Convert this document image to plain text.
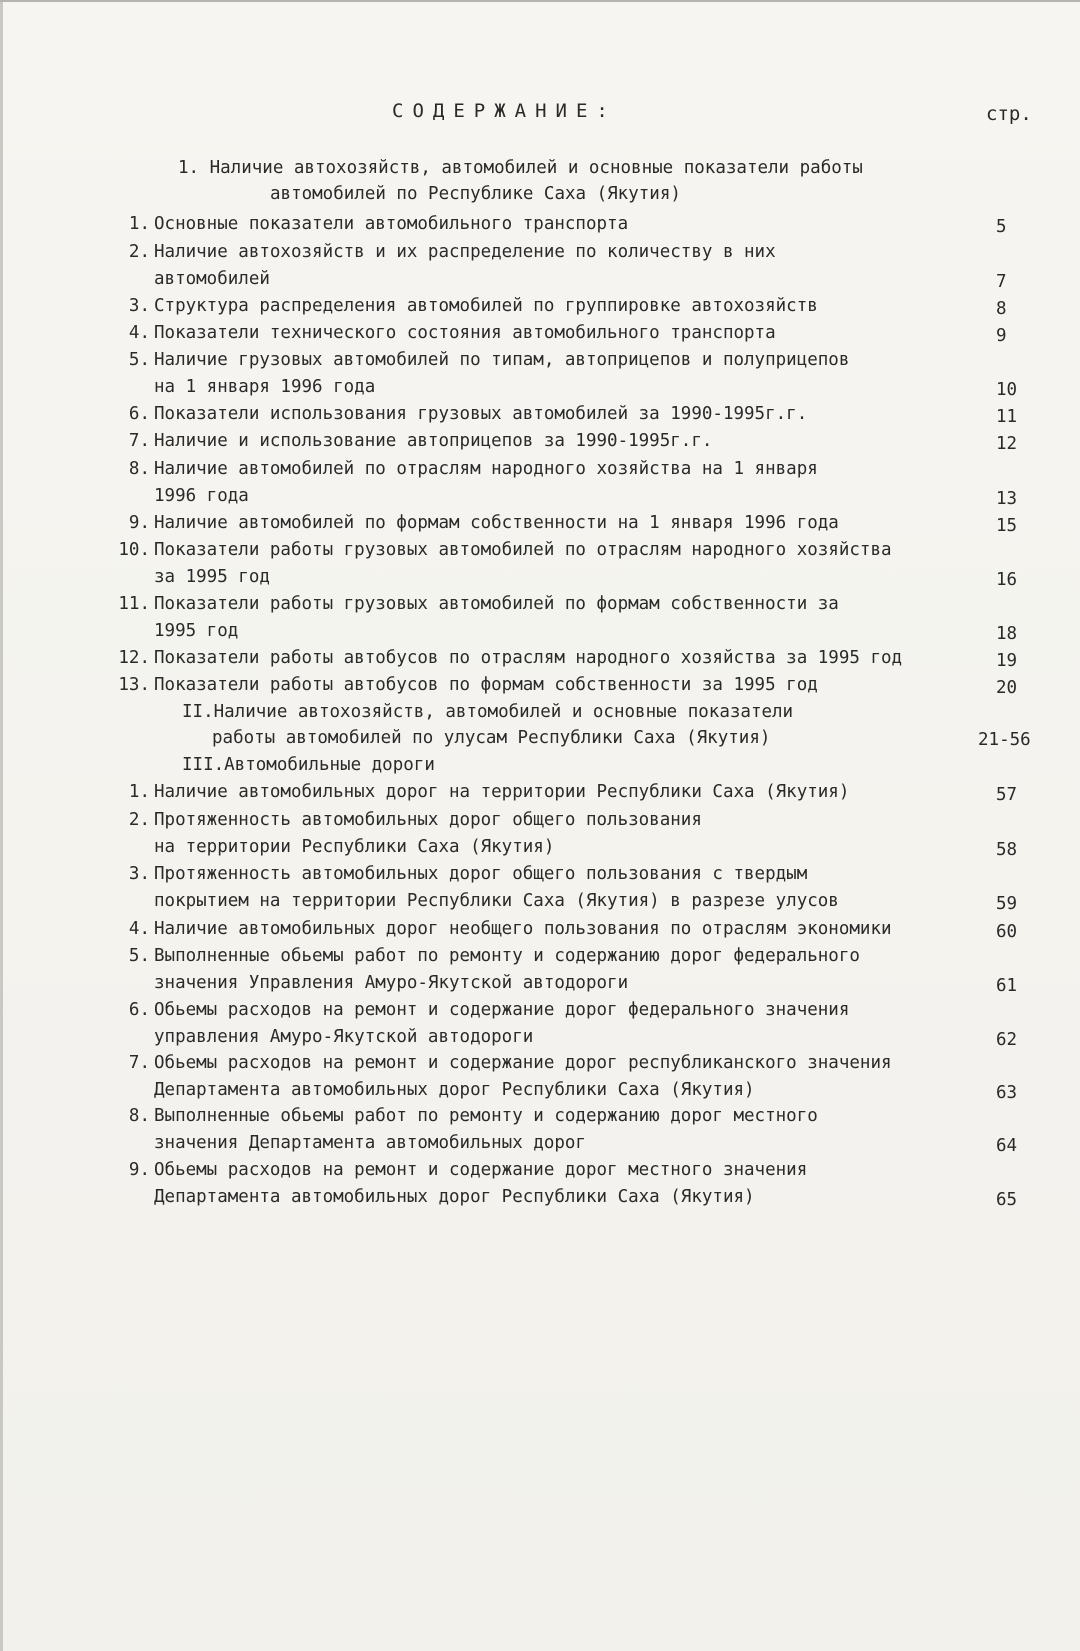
СОДЕРЖАНИЕ:	стр.
1. Наличие автохозяйств, автомобилей и основные показатели работы
автомобилей по Республике Саха (Якутия)
1. Основные показатели автомобильного транспорта	5
2. Наличие автохозяйств и их распределение по количеству в них
автомобилей	7
3. Структура распределения автомобилей по группировке автохозяйств	8
4. Показатели технического состояния автомобильного транспорта	9
5. Наличие грузовых автомобилей по типам, автоприцепов и полуприцепов
на 1 января 1996 года	10
6. Показатели использования грузовых автомобилей за 1990-1995г.г.	11
7. Наличие и использование автоприцепов за 1990-1995г.г.	12
8. Наличие автомобилей по отраслям народного хозяйства на 1 января
1996 года	13
9. Наличие автомобилей по формам собственности на 1 января 1996 года	15
10. Показатели работы грузовых автомобилей по отраслям народного хозяйства
за 1995 год	16
11. Показатели работы грузовых автомобилей по формам собственности за
1995 год	18
12. Показатели работы автобусов по отраслям народного хозяйства за 1995 год	19
13. Показатели работы автобусов по формам собственности за 1995 год	20
II.Наличие автохозяйств, автомобилей и основные показатели
работы автомобилей по улусам Республики Саха (Якутия)	21-56
III.Автомобильные дороги
1. Наличие автомобильных дорог на территории Республики Саха (Якутия)	57
2. Протяженность автомобильных дорог общего пользования
на территории Республики Саха (Якутия)	58
3. Протяженность автомобильных дорог общего пользования с твердым
покрытием на территории Республики Саха (Якутия) в разрезе улусов	59
4. Наличие автомобильных дорог необщего пользования по отраслям экономики	60
5. Выполненные обьемы работ по ремонту и содержанию дорог федерального
значения Управления Амуро-Якутской автодороги	61
6. Обьемы расходов на ремонт и содержание дорог федерального значения
управления Амуро-Якутской автодороги	62
7. Обьемы расходов на ремонт и содержание дорог республиканского значения
Департамента автомобильных дорог Республики Саха (Якутия)	63
8. Выполненные обьемы работ по ремонту и содержанию дорог местного
значения Департамента автомобильных дорог	64
9. Обьемы расходов на ремонт и содержание дорог местного значения
Департамента автомобильных дорог Республики Саха (Якутия)	65
